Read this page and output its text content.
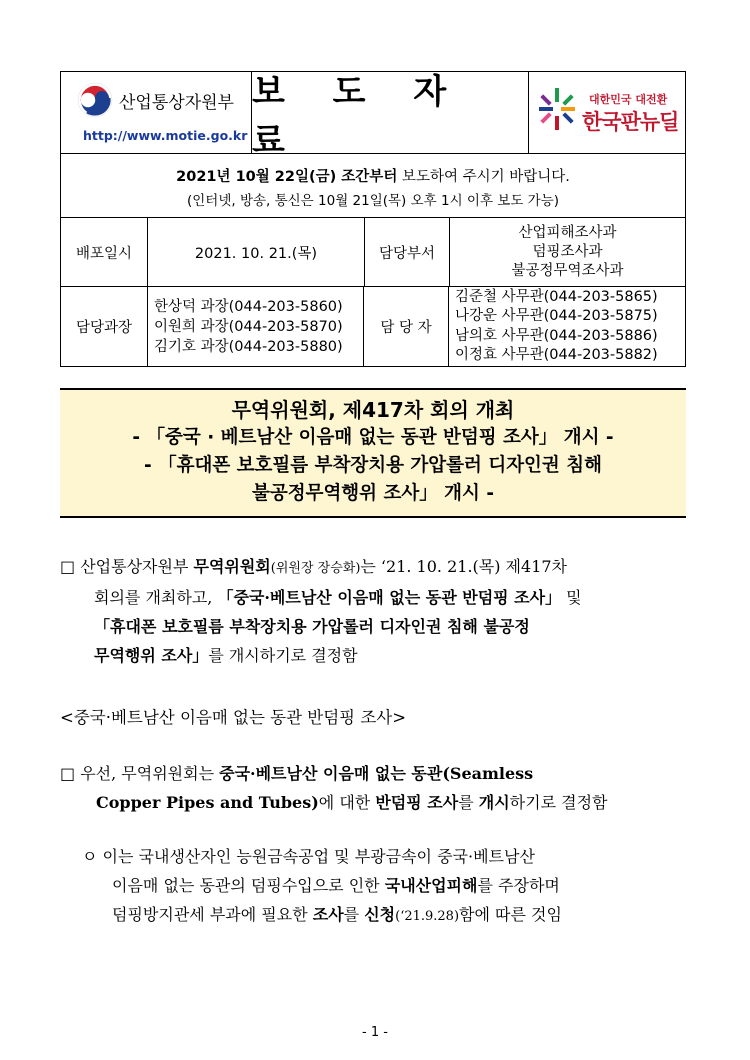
산업통상자원부
http://www.motie.go.kr
보 도 자 료
대한민국 대전환
한국판뉴딜
2021년 10월 22일(금) 조간부터 보도하여 주시기 바랍니다.
(인터넷, 방송, 통신은 10월 21일(목) 오후 1시 이후 보도 가능)
배포일시	2021. 10. 21.(목)	담당부서
산업피해조사과
덤핑조사과
불공정무역조사과
담당과장
한상덕 과장(044-203-5860)
이원희 과장(044-203-5870)
김기호 과장(044-203-5880)
담 당 자
김준철 사무관(044-203-5865)
나강운 사무관(044-203-5875)
남의호 사무관(044-203-5886)
이정효 사무관(044-203-5882)
무역위원회, 제417차 회의 개최
- 「중국 · 베트남산 이음매 없는 동관 반덤핑 조사」 개시 -
- 「휴대폰 보호필름 부착장치용 가압롤러 디자인권 침해
불공정무역행위 조사」 개시 -
□ 산업통상자원부 무역위원회(위원장 장승화)는 ‘21. 10. 21.(목) 제417차
회의를 개최하고, 「중국·베트남산 이음매 없는 동관 반덤핑 조사」 및
「휴대폰 보호필름 부착장치용 가압롤러 디자인권 침해 불공정
무역행위 조사」를 개시하기로 결정함
<중국·베트남산 이음매 없는 동관 반덤핑 조사>
□ 우선, 무역위원회는 중국·베트남산 이음매 없는 동관(Seamless
Copper Pipes and Tubes)에 대한 반덤핑 조사를 개시하기로 결정함
ㅇ 이는 국내생산자인 능원금속공업 및 부광금속이 중국·베트남산
이음매 없는 동관의 덤핑수입으로 인한 국내산업피해를 주장하며
덤핑방지관세 부과에 필요한 조사를 신청(‘21.9.28)함에 따른 것임
- 1 -
